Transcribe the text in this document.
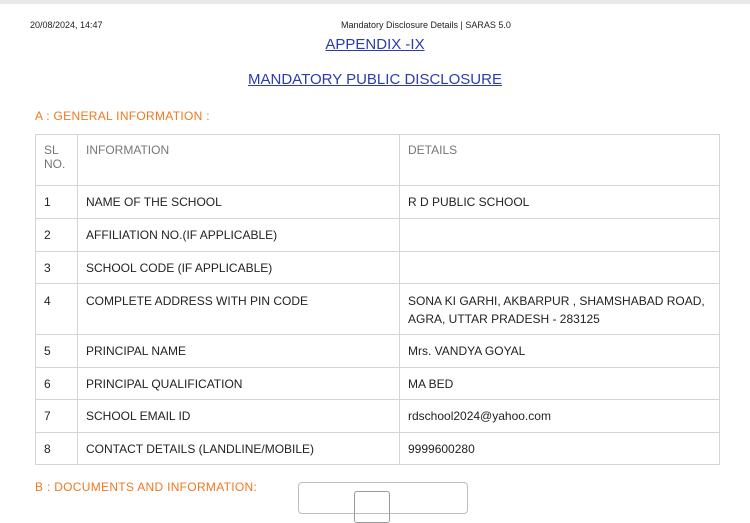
20/08/2024, 14:47	Mandatory Disclosure Details | SARAS 5.0
APPENDIX -IX
MANDATORY PUBLIC DISCLOSURE
A : GENERAL INFORMATION :
SL NO.	INFORMATION	DETAILS
1	NAME OF THE SCHOOL	R D PUBLIC SCHOOL
2	AFFILIATION NO.(IF APPLICABLE)	
3	SCHOOL CODE (IF APPLICABLE)	
4	COMPLETE ADDRESS WITH PIN CODE	SONA KI GARHI, AKBARPUR , SHAMSHABAD ROAD, AGRA, UTTAR PRADESH - 283125
5	PRINCIPAL NAME	Mrs. VANDYA GOYAL
6	PRINCIPAL QUALIFICATION	MA BED
7	SCHOOL EMAIL ID	rdschool2024@yahoo.com
8	CONTACT DETAILS (LANDLINE/MOBILE)	9999600280
B : DOCUMENTS AND INFORMATION:
